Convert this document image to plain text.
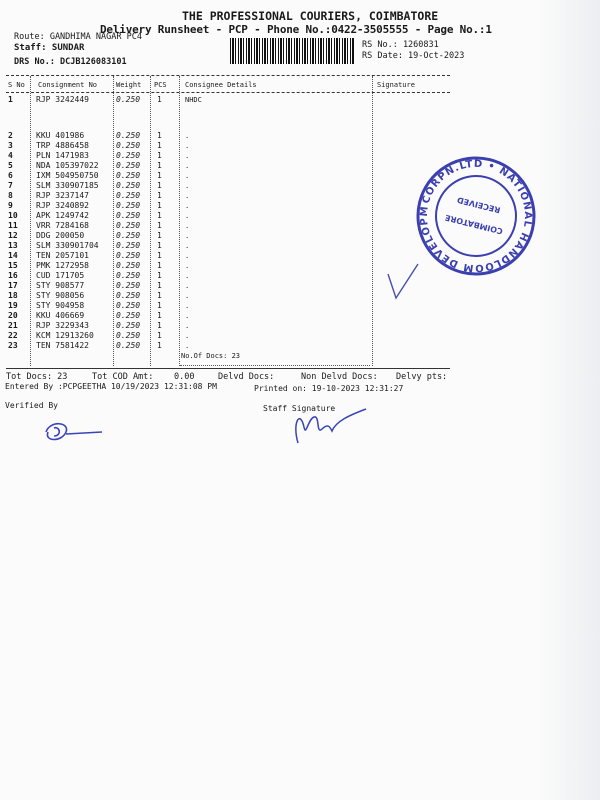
THE PROFESSIONAL COURIERS, COIMBATORE
Delivery Runsheet - PCP - Phone No.:0422-3505555 - Page No.:1
Route: GANDHIMA NAGAR PC4
Staff: SUNDAR	RS No.: 1260831
RS Date: 19-Oct-2023
DRS No.: DCJB126083101
S No Consignment No	Weight PCS	Consignee Details	Signature
1	RJP 3242449	0.250 1	NHDC
2	KKU 401986	0.250 1	.
3	TRP 4886458	0.250 1	.
4	PLN 1471983	0.250 1	.
5	NDA 105397022 0.250 1	.
6	IXM 504950750 0.250 1	.
7	SLM 330907185 0.250 1	.
8	RJP 3237147	0.250 1	.
9	RJP 3240892	0.250 1	.
10 APK 1249742	0.250 1	.
11 VRR 7284168	0.250 1	.
12 DDG 200050	0.250 1	.
13 SLM 330901704 0.250 1	.
14 TEN 2057101	0.250 1	.
15 PMK 1272958	0.250 1	.
16 CUD 171705	0.250 1	.
17 STY 908577	0.250 1	.
18 STY 908056	0.250 1	.
19 STY 904958	0.250 1	.
20 KKU 406669	0.250 1	.
21 RJP 3229343	0.250 1	.
22 KCM 12913260	0.250 1	.
23 TEN 7581422	0.250 1	.
No.Of Docs: 23
Tot Docs: 23	Tot COD Amt: 0.00	Delvd Docs:	Non Delvd Docs: Delvy pts:
Entered By :PCPGEETHA 10/19/2023 12:31:08 PM	Printed on: 19-10-2023 12:31:27
Verified By	Staff Signature
CORPN.LTD • NATIONAL HANDLOOM DEVELOPMENT
COIMBATORE
RECEIVED
